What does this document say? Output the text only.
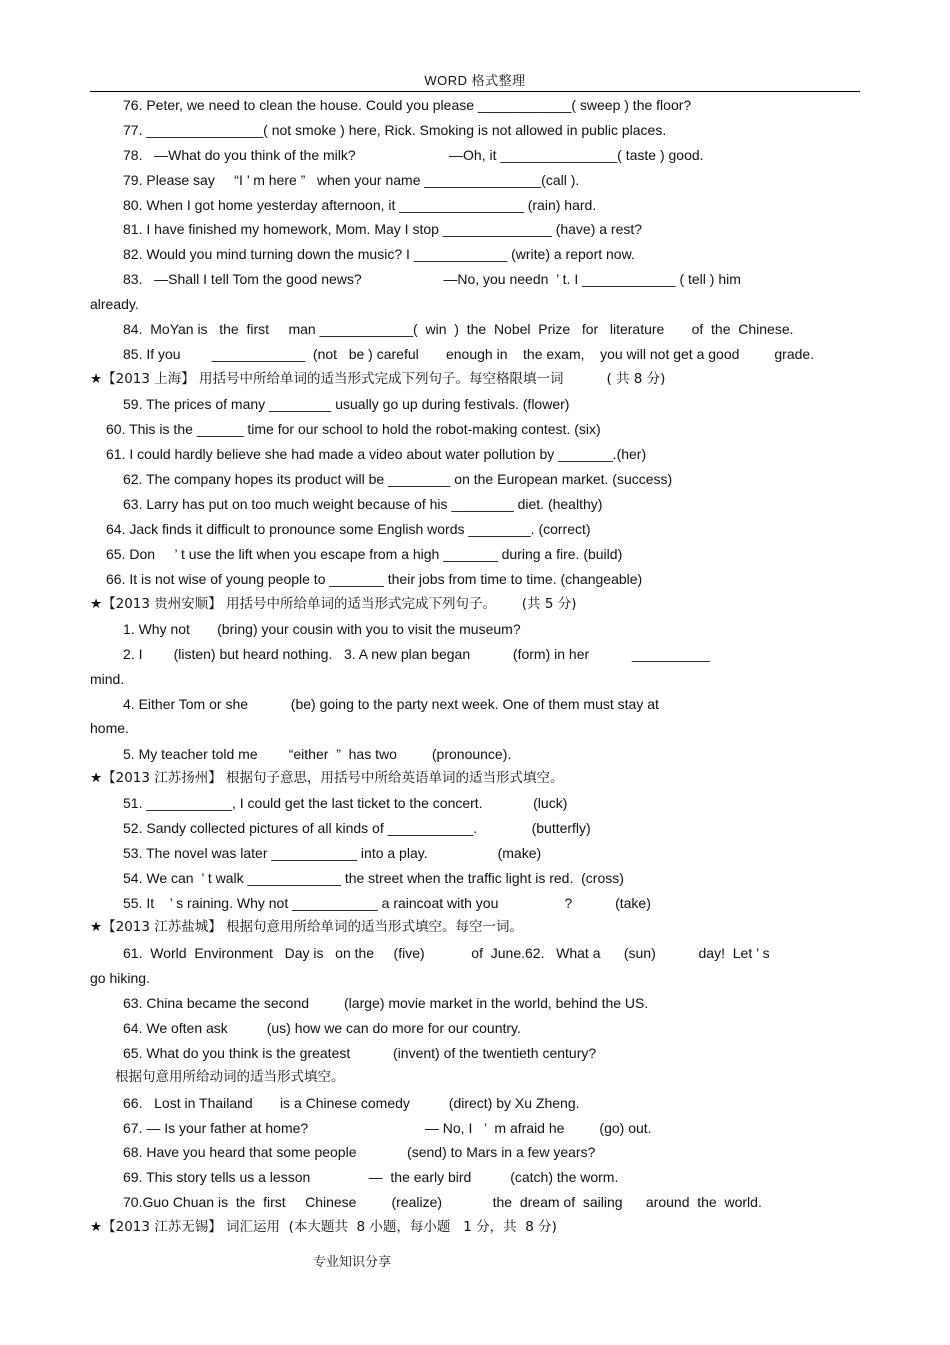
WORD 格式整理
76. Peter, we need to clean the house. Could you please ____________( sweep ) the floor?
77. _______________( not smoke ) here, Rick. Smoking is not allowed in public places.
78.   —What do you think of the milk?                        —Oh, it _______________( taste ) good.
79. Please say     “I ’ m here ”   when your name _______________(call ).
80. When I got home yesterday afternoon, it ________________ (rain) hard.
81. I have finished my homework, Mom. May I stop ______________ (have) a rest?
82. Would you mind turning down the music? I ____________ (write) a report now.
83.   —Shall I tell Tom the good news?                     —No, you needn  ’ t. I ____________ ( tell ) him
already.
84.  MoYan is   the  first     man ____________(  win  )  the  Nobel  Prize   for   literature       of  the  Chinese.
85. If you        ____________  (not   be ) careful       enough in    the exam,    you will not get a good         grade.
★【2013 上海】 用括号中所给单词的适当形式完成下列句子。每空格限填一词          ( 共 8 分)
59. The prices of many ________ usually go up during festivals. (flower)
60. This is the ______ time for our school to hold the robot-making contest. (six)
61. I could hardly believe she had made a video about water pollution by _______.(her)
62. The company hopes its product will be ________ on the European market. (success)
63. Larry has put on too much weight because of his ________ diet. (healthy)
64. Jack finds it difficult to pronounce some English words ________. (correct)
65. Don     ’ t use the lift when you escape from a high _______ during a fire. (build)
66. It is not wise of young people to _______ their jobs from time to time. (changeable)
★【2013 贵州安顺】 用括号中所给单词的适当形式完成下列句子。      (共 5 分)
1. Why not       (bring) your cousin with you to visit the museum?
2. I        (listen) but heard nothing.   3. A new plan began           (form) in her           __________
mind.
4. Either Tom or she           (be) going to the party next week. One of them must stay at
home.
5. My teacher told me        “either  ”  has two         (pronounce).
★【2013 江苏扬州】 根据句子意思，用括号中所给英语单词的适当形式填空。
51. ___________, I could get the last ticket to the concert.             (luck)
52. Sandy collected pictures of all kinds of ___________.              (butterfly)
53. The novel was later ___________ into a play.                  (make)
54. We can  ’ t walk ____________ the street when the traffic light is red.  (cross)
55. It    ’ s raining. Why not ___________ a raincoat with you                 ?           (take)
★【2013 江苏盐城】 根据句意用所给单词的适当形式填空。每空一词。
61.  World  Environment   Day is   on the     (five)            of  June.62.   What a      (sun)           day!  Let ’ s
go hiking.
63. China became the second         (large) movie market in the world, behind the US.
64. We often ask          (us) how we can do more for our country.
65. What do you think is the greatest           (invent) of the twentieth century?
根据句意用所给动词的适当形式填空。
66.   Lost in Thailand       is a Chinese comedy          (direct) by Xu Zheng.
67. — Is your father at home?                              — No, I   ’  m afraid he         (go) out.
68. Have you heard that some people             (send) to Mars in a few years?
69. This story tells us a lesson               —  the early bird          (catch) the worm.
70.Guo Chuan is  the  first     Chinese         (realize)             the  dream of  sailing      around  the  world.
★【2013 江苏无锡】 词汇运用  (本大题共  8 小题，每小题   1 分，共  8 分)
专业知识分享
